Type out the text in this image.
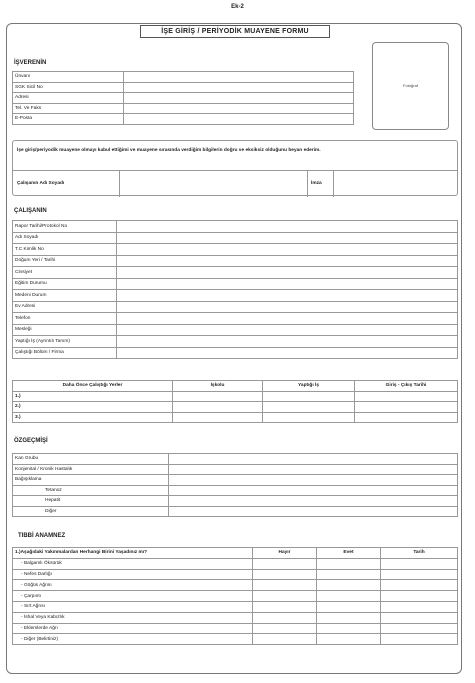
Ek-2
İŞE GİRİŞ / PERİYODİK MUAYENE FORMU
Fotoğraf
İŞVERENİN
Ünvanı	
SGK Sicil No	
Adresi	
Tel. Ve Faks	
E-Posta	

İşe giriş/periyodik muayene olmayı kabul ettiğimi ve muayene sırasında verdiğim bilgilerin doğru ve eksiksiz olduğunu beyan ederim.

Çalışanın Adı Soyadı	İmza
ÇALIŞANIN
Rapor Tarihi/Protokol No	
Adı Soyadı	
T.C Kimlik No	
Doğum Yeri / Tarihi	
Cinsiyet	
Eğitim Durumu	
Medeni Durum	
Ev Adresi	
Telefon	
Mesleği	
Yaptığı İş (Ayrıntılı Tanım)	
Çalıştığı Bölüm / Firma	
Daha Önce Çalıştığı Yerler	İşkolu	Yaptığı İş	Giriş - Çıkış Tarihi
1.)			
2.)			
3.)			
ÖZGEÇMİŞİ
Kan Grubu	
Konjenital / Kronik Hastalık	
Bağışıklama	
Tetanoz	
Hepatit	
Diğer	
TIBBİ ANAMNEZ
1.)Aşağıdaki Yakınmalardan Herhangi Birini Yaşadınız mı?	Hayır	Evet	Tarih
- Balgamlı Öksürük			
- Nefes Darlığı			
- Göğüs Ağrısı			
- Çarpıntı			
- Sırt Ağrısı			
- İshal Veya Kabızlık			
- Eklemlerde Ağrı			
- Diğer (Belirtiniz)			
